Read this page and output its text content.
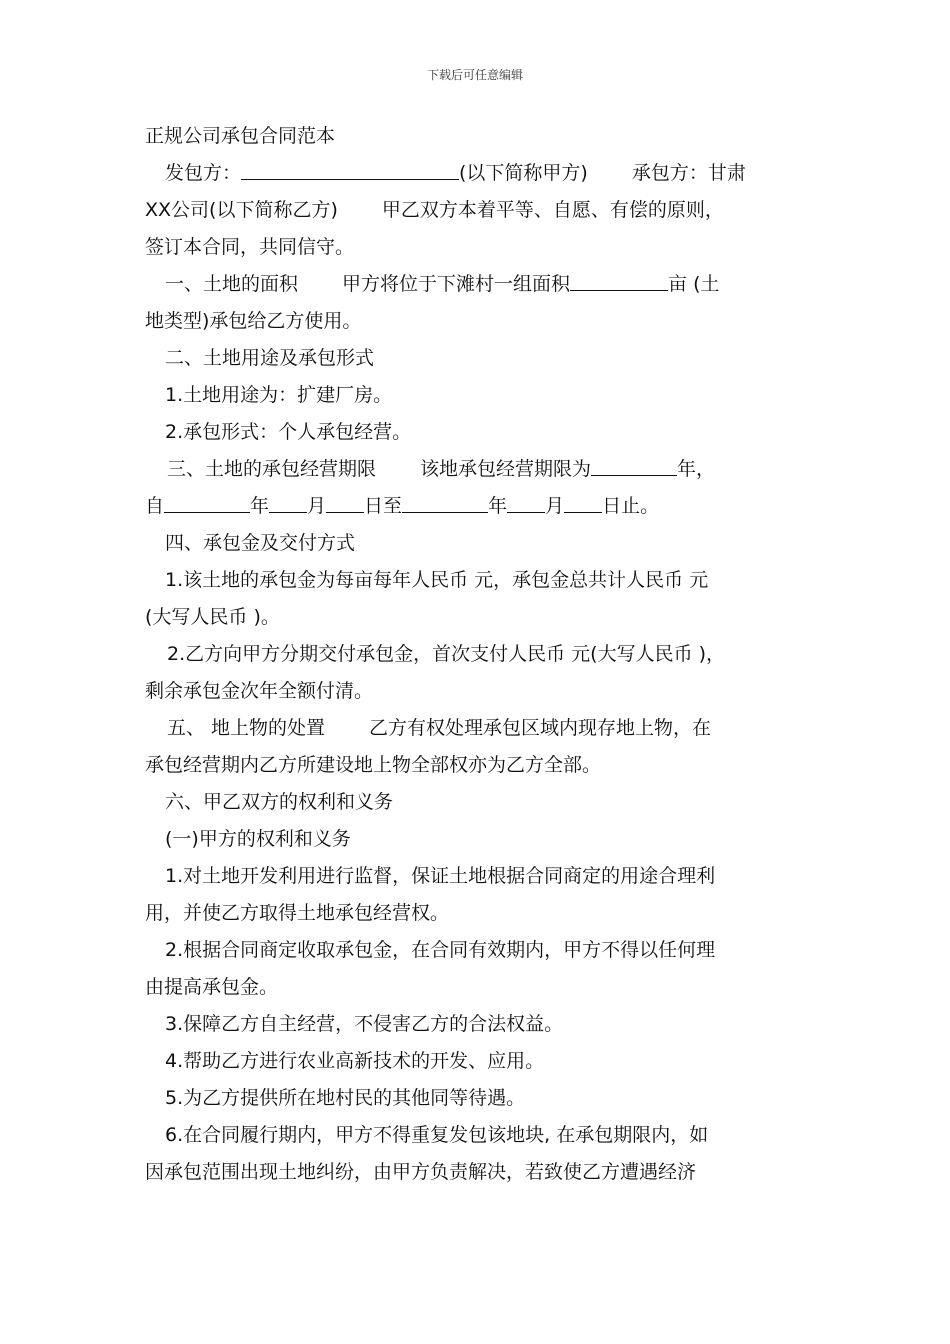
下载后可任意编辑
正规公司承包合同范本
发包方：	(以下简称甲方) 承包方：甘肃
XX公司(以下简称乙方) 甲乙双方本着平等、自愿、有偿的原则，
签订本合同，共同信守。
一、土地的面积 甲方将位于下滩村一组面积	亩 (土
地类型)承包给乙方使用。
二、土地用途及承包形式
1.土地用途为：扩建厂房。
2.承包形式：个人承包经营。
三、土地的承包经营期限 该地承包经营期限为	年，
自	年 月 日至	年 月 日止。
四、承包金及交付方式
1.该土地的承包金为每亩每年人民币 元，承包金总共计人民币 元
(大写人民币 )。
2.乙方向甲方分期交付承包金，首次支付人民币 元(大写人民币 )，
剩余承包金次年全额付清。
五、 地上物的处置 乙方有权处理承包区域内现存地上物，在
承包经营期内乙方所建设地上物全部权亦为乙方全部。
六、甲乙双方的权利和义务
(一)甲方的权利和义务
1.对土地开发利用进行监督，保证土地根据合同商定的用途合理利
用，并使乙方取得土地承包经营权。
2.根据合同商定收取承包金，在合同有效期内，甲方不得以任何理
由提高承包金。
3.保障乙方自主经营，不侵害乙方的合法权益。
4.帮助乙方进行农业高新技术的开发、应用。
5.为乙方提供所在地村民的其他同等待遇。
6.在合同履行期内，甲方不得重复发包该地块, 在承包期限内，如
因承包范围出现土地纠纷，由甲方负责解决，若致使乙方遭遇经济
